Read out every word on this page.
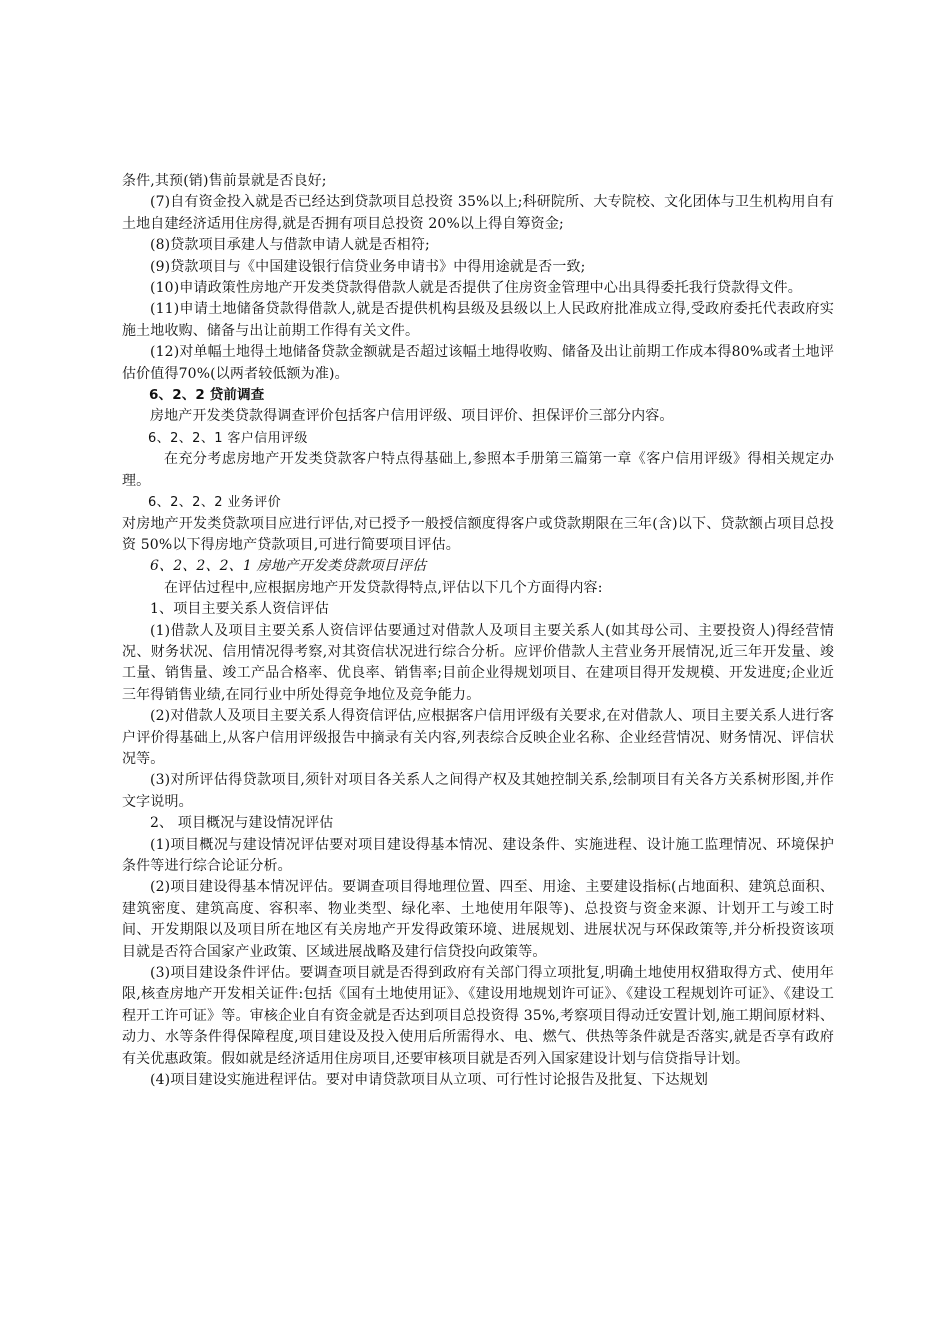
条件,其预(销)售前景就是否良好;

(7)自有资金投入就是否已经达到贷款项目总投资 35%以上;科研院所、大专院校、文化团体与卫生机构用自有土地自建经济适用住房得,就是否拥有项目总投资 20%以上得自筹资金;

(8)贷款项目承建人与借款申请人就是否相符;

(9)贷款项目与《中国建设银行信贷业务申请书》中得用途就是否一致;

(10)申请政策性房地产开发类贷款得借款人就是否提供了住房资金管理中心出具得委托我行贷款得文件。

(11)申请土地储备贷款得借款人,就是否提供机构县级及县级以上人民政府批准成立得,受政府委托代表政府实施土地收购、储备与出让前期工作得有关文件。

(12)对单幅土地得土地储备贷款金额就是否超过该幅土地得收购、储备及出让前期工作成本得80%或者土地评估价值得70%(以两者较低额为准)。

6、2、2 贷前调查

房地产开发类贷款得调查评价包括客户信用评级、项目评价、担保评价三部分内容。

6、2、2、1 客户信用评级

在充分考虑房地产开发类贷款客户特点得基础上,参照本手册第三篇第一章《客户信用评级》得相关规定办理。

6、2、2、2 业务评价

对房地产开发类贷款项目应进行评估,对已授予一般授信额度得客户或贷款期限在三年(含)以下、贷款额占项目总投资 50%以下得房地产贷款项目,可进行简要项目评估。

6、2、2、2、1 房地产开发类贷款项目评估

在评估过程中,应根据房地产开发贷款得特点,评估以下几个方面得内容:

1、项目主要关系人资信评估

(1)借款人及项目主要关系人资信评估要通过对借款人及项目主要关系人(如其母公司、主要投资人)得经营情况、财务状况、信用情况得考察,对其资信状况进行综合分析。应评价借款人主营业务开展情况,近三年开发量、竣工量、销售量、竣工产品合格率、优良率、销售率;目前企业得规划项目、在建项目得开发规模、开发进度;企业近三年得销售业绩,在同行业中所处得竞争地位及竞争能力。

(2)对借款人及项目主要关系人得资信评估,应根据客户信用评级有关要求,在对借款人、项目主要关系人进行客户评价得基础上,从客户信用评级报告中摘录有关内容,列表综合反映企业名称、企业经营情况、财务情况、评信状况等。

(3)对所评估得贷款项目,须针对项目各关系人之间得产权及其她控制关系,绘制项目有关各方关系树形图,并作文字说明。

2、 项目概况与建设情况评估

(1)项目概况与建设情况评估要对项目建设得基本情况、建设条件、实施进程、设计施工监理情况、环境保护条件等进行综合论证分析。

(2)项目建设得基本情况评估。要调查项目得地理位置、四至、用途、主要建设指标(占地面积、建筑总面积、建筑密度、建筑高度、容积率、物业类型、绿化率、土地使用年限等)、总投资与资金来源、计划开工与竣工时间、开发期限以及项目所在地区有关房地产开发得政策环境、进展规划、进展状况与环保政策等,并分析投资该项目就是否符合国家产业政策、区域进展战略及建行信贷投向政策等。

(3)项目建设条件评估。要调查项目就是否得到政府有关部门得立项批复,明确土地使用权猎取得方式、使用年限,核查房地产开发相关证件:包括《国有土地使用证》、《建设用地规划许可证》、《建设工程规划许可证》、《建设工程开工许可证》等。审核企业自有资金就是否达到项目总投资得 35%,考察项目得动迁安置计划,施工期间原材料、动力、水等条件得保障程度,项目建设及投入使用后所需得水、电、燃气、供热等条件就是否落实,就是否享有政府有关优惠政策。假如就是经济适用住房项目,还要审核项目就是否列入国家建设计划与信贷指导计划。

(4)项目建设实施进程评估。要对申请贷款项目从立项、可行性讨论报告及批复、下达规划
